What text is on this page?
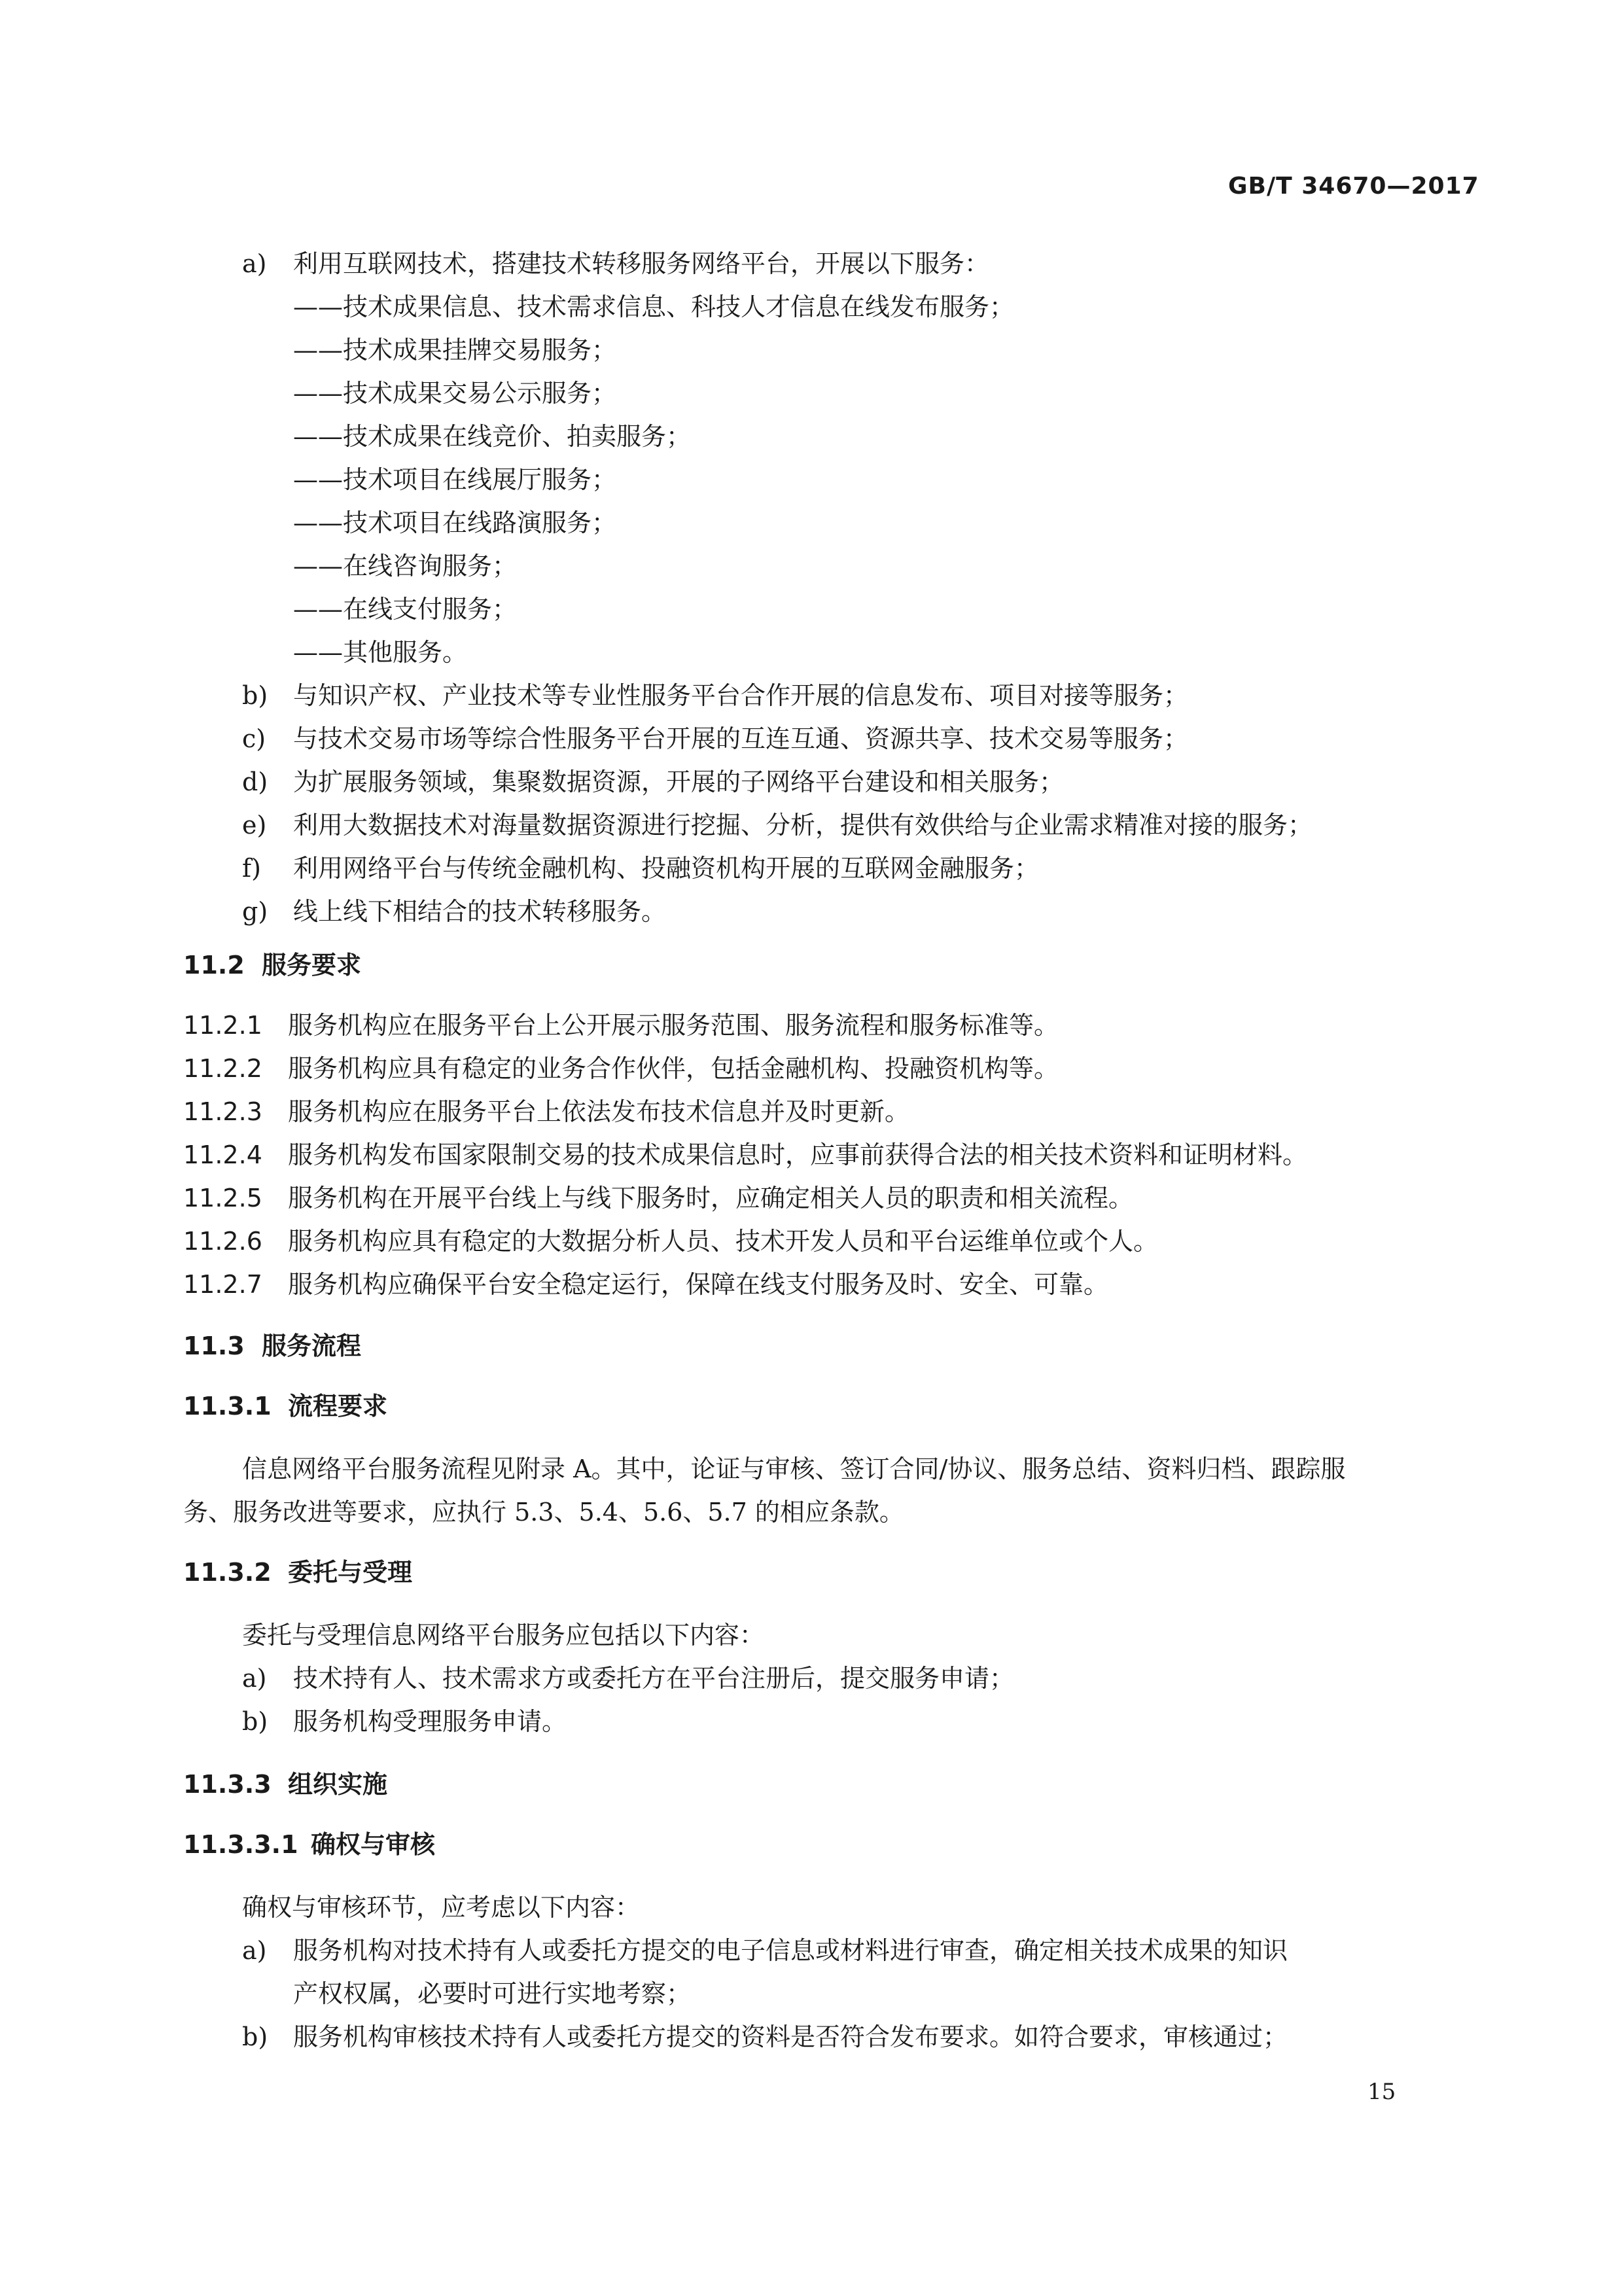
GB/T 34670—2017
a) 利用互联网技术，搭建技术转移服务网络平台，开展以下服务：
——技术成果信息、技术需求信息、科技人才信息在线发布服务；
——技术成果挂牌交易服务；
——技术成果交易公示服务；
——技术成果在线竞价、拍卖服务；
——技术项目在线展厅服务；
——技术项目在线路演服务；
——在线咨询服务；
——在线支付服务；
——其他服务。
b) 与知识产权、产业技术等专业性服务平台合作开展的信息发布、项目对接等服务；
c) 与技术交易市场等综合性服务平台开展的互连互通、资源共享、技术交易等服务；
d) 为扩展服务领域，集聚数据资源，开展的子网络平台建设和相关服务；
e) 利用大数据技术对海量数据资源进行挖掘、分析，提供有效供给与企业需求精准对接的服务；
f) 利用网络平台与传统金融机构、投融资机构开展的互联网金融服务；
g) 线上线下相结合的技术转移服务。
11.2 服务要求
11.2.1 服务机构应在服务平台上公开展示服务范围、服务流程和服务标准等。
11.2.2 服务机构应具有稳定的业务合作伙伴，包括金融机构、投融资机构等。
11.2.3 服务机构应在服务平台上依法发布技术信息并及时更新。
11.2.4 服务机构发布国家限制交易的技术成果信息时，应事前获得合法的相关技术资料和证明材料。
11.2.5 服务机构在开展平台线上与线下服务时，应确定相关人员的职责和相关流程。
11.2.6 服务机构应具有稳定的大数据分析人员、技术开发人员和平台运维单位或个人。
11.2.7 服务机构应确保平台安全稳定运行，保障在线支付服务及时、安全、可靠。
11.3 服务流程
11.3.1 流程要求
信息网络平台服务流程见附录 A。其中，论证与审核、签订合同/协议、服务总结、资料归档、跟踪服
务、服务改进等要求，应执行 5.3、5.4、5.6、5.7 的相应条款。
11.3.2 委托与受理
委托与受理信息网络平台服务应包括以下内容：
a) 技术持有人、技术需求方或委托方在平台注册后，提交服务申请；
b) 服务机构受理服务申请。
11.3.3 组织实施
11.3.3.1 确权与审核
确权与审核环节，应考虑以下内容：
a) 服务机构对技术持有人或委托方提交的电子信息或材料进行审查，确定相关技术成果的知识
产权权属，必要时可进行实地考察；
b) 服务机构审核技术持有人或委托方提交的资料是否符合发布要求。如符合要求，审核通过；
15
